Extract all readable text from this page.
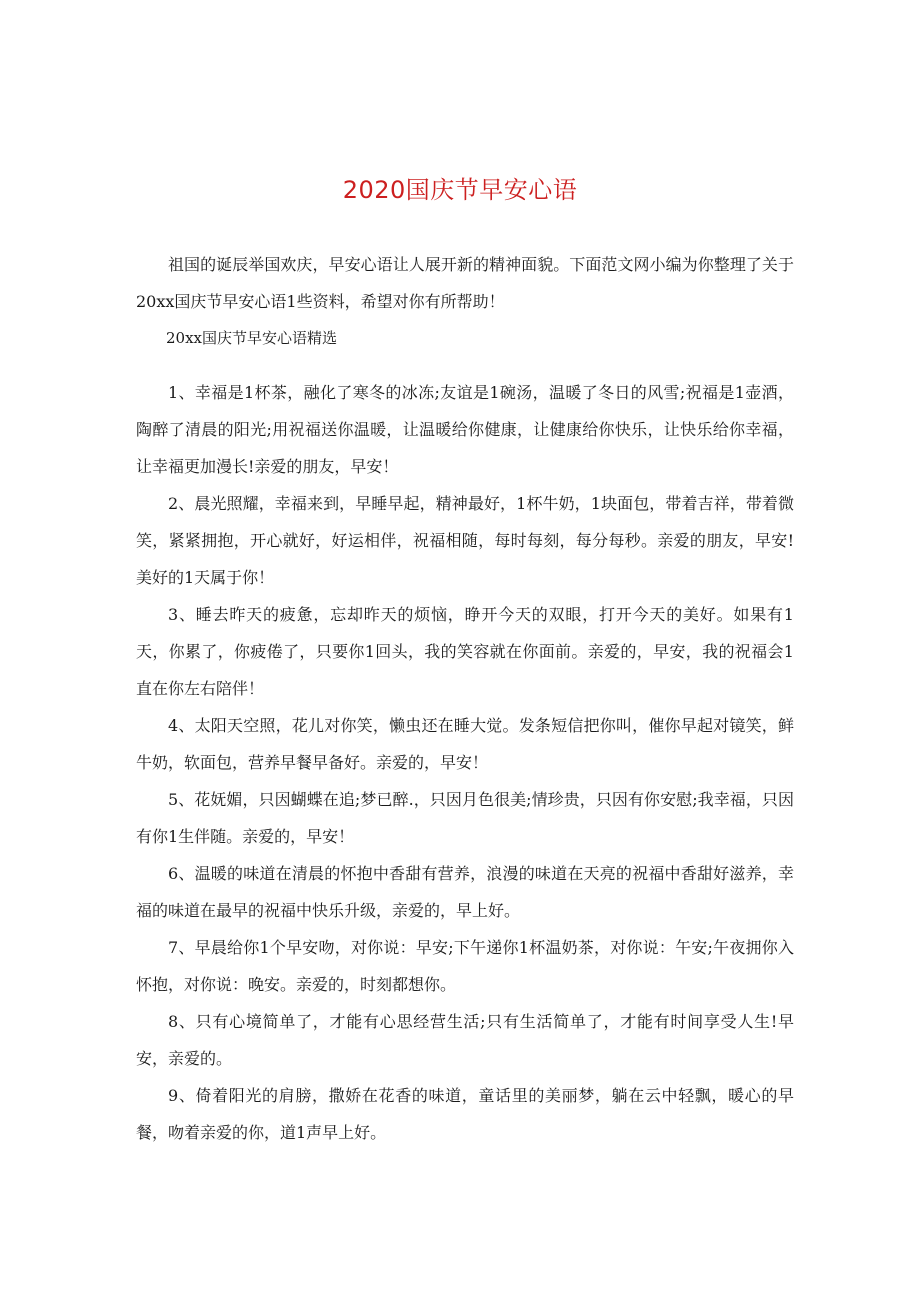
2020国庆节早安心语

祖国的诞辰举国欢庆，早安心语让人展开新的精神面貌。下面范文网小编为你整理了关于20xx国庆节早安心语1些资料，希望对你有所帮助！

20xx国庆节早安心语精选

1、幸福是1杯茶，融化了寒冬的冰冻;友谊是1碗汤，温暖了冬日的风雪;祝福是1壶酒，陶醉了清晨的阳光;用祝福送你温暖，让温暖给你健康，让健康给你快乐，让快乐给你幸福，让幸福更加漫长!亲爱的朋友，早安！

2、晨光照耀，幸福来到，早睡早起，精神最好，1杯牛奶，1块面包，带着吉祥，带着微笑，紧紧拥抱，开心就好，好运相伴，祝福相随，每时每刻，每分每秒。亲爱的朋友，早安!美好的1天属于你！

3、睡去昨天的疲惫，忘却昨天的烦恼，睁开今天的双眼，打开今天的美好。如果有1天，你累了，你疲倦了，只要你1回头，我的笑容就在你面前。亲爱的，早安，我的祝福会1直在你左右陪伴！

4、太阳天空照，花儿对你笑，懒虫还在睡大觉。发条短信把你叫，催你早起对镜笑，鲜牛奶，软面包，营养早餐早备好。亲爱的，早安！

5、花妩媚，只因蝴蝶在追;梦已醉.，只因月色很美;情珍贵，只因有你安慰;我幸福，只因有你1生伴随。亲爱的，早安！

6、温暖的味道在清晨的怀抱中香甜有营养，浪漫的味道在天亮的祝福中香甜好滋养，幸福的味道在最早的祝福中快乐升级，亲爱的，早上好。

7、早晨给你1个早安吻，对你说：早安;下午递你1杯温奶茶，对你说：午安;午夜拥你入怀抱，对你说：晚安。亲爱的，时刻都想你。

8、只有心境简单了，才能有心思经营生活;只有生活简单了，才能有时间享受人生!早安，亲爱的。

9、倚着阳光的肩膀，撒娇在花香的味道，童话里的美丽梦，躺在云中轻飘，暖心的早餐，吻着亲爱的你，道1声早上好。
